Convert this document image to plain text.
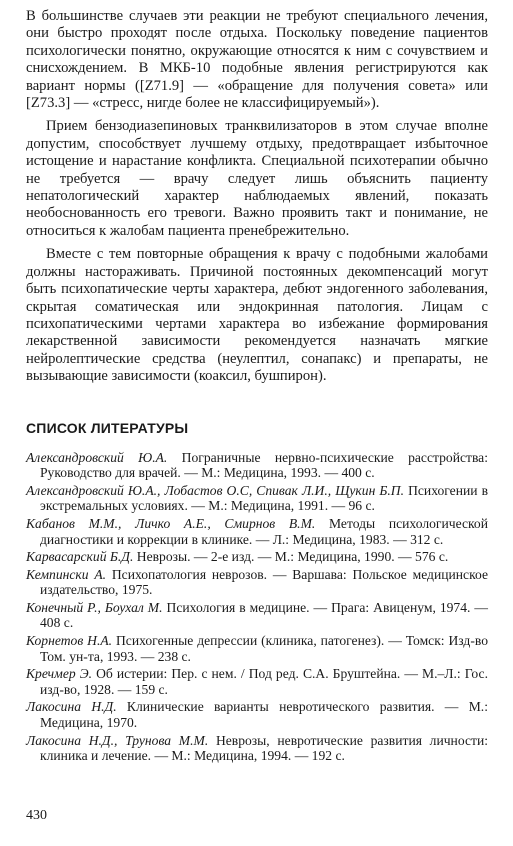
В большинстве случаев эти реакции не требуют специального лечения, они быстро проходят после отдыха. Поскольку поведение пациентов психологически понятно, окружающие относятся к ним с сочувствием и снисхождением. В МКБ-10 подобные явления регистрируются как вариант нормы ([Z71.9] — «обращение для получения совета» или [Z73.3] — «стресс, нигде более не классифицируемый»).

Прием бензодиазепиновых транквилизаторов в этом случае вполне допустим, способствует лучшему отдыху, предотвращает избыточное истощение и нарастание конфликта. Специальной психотерапии обычно не требуется — врачу следует лишь объяснить пациенту непатологический характер наблюдаемых явлений, показать необоснованность его тревоги. Важно проявить такт и понимание, не относиться к жалобам пациента пренебрежительно.

Вместе с тем повторные обращения к врачу с подобными жалобами должны настораживать. Причиной постоянных декомпенсаций могут быть психопатические черты характера, дебют эндогенного заболевания, скрытая соматическая или эндокринная патология. Лицам с психопатическими чертами характера во избежание формирования лекарственной зависимости рекомендуется назначать мягкие нейролептические средства (неулептил, сонапакс) и препараты, не вызывающие зависимости (коаксил, бушпирон).

СПИСОК ЛИТЕРАТУРЫ
Александровский Ю.А. Пограничные нервно-психические расстройства: Руководство для врачей. — М.: Медицина, 1993. — 400 с.
Александровский Ю.А., Лобастов О.С, Спивак Л.И., Щукин Б.П. Психогении в экстремальных условиях. — М.: Медицина, 1991. — 96 с.
Кабанов М.М., Личко А.Е., Смирнов В.М. Методы психологической диагностики и коррекции в клинике. — Л.: Медицина, 1983. — 312 с.
Карвасарский Б.Д. Неврозы. — 2-е изд. — М.: Медицина, 1990. — 576 с.
Кемпински А. Психопатология неврозов. — Варшава: Польское медицинское издательство, 1975.
Конечный Р., Боухал М. Психология в медицине. — Прага: Авиценум, 1974. — 408 с.
Корнетов Н.А. Психогенные депрессии (клиника, патогенез). — Томск: Изд-во Том. ун-та, 1993. — 238 с.
Кречмер Э. Об истерии: Пер. с нем. / Под ред. С.А. Бруштейна. — М.–Л.: Гос. изд-во, 1928. — 159 с.
Лакосина Н.Д. Клинические варианты невротического развития. — М.: Медицина, 1970.
Лакосина Н.Д., Трунова М.М. Неврозы, невротические развития личности: клиника и лечение. — М.: Медицина, 1994. — 192 с.
430
